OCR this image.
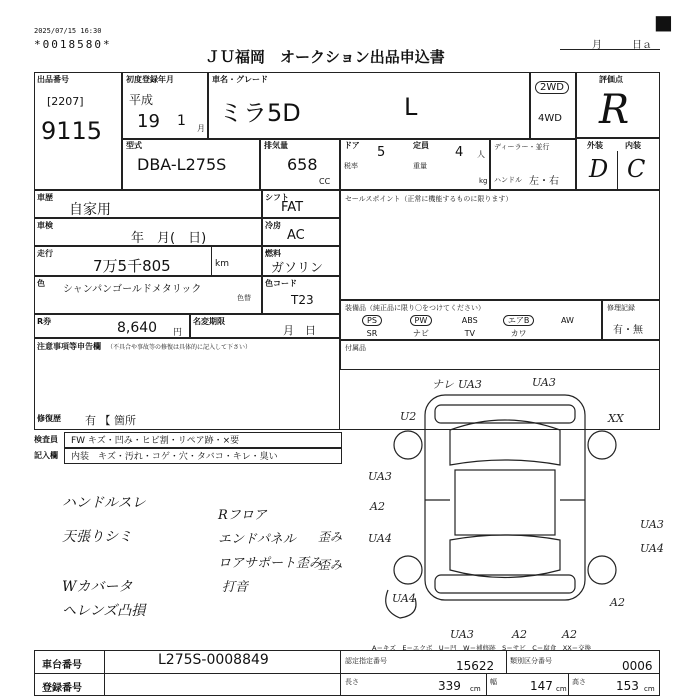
2025/07/15 16:30
*0018580*
ＪＵ福岡　オークション出品申込書
月	日ａ
■
出品番号
[2207]
9115
初度登録年月
平成
19 1 月
車名・グレード
ミラ5D	L
2WD
4WD
評価点
R
外装	内装
D C
型式
DBA-L275S
排気量
658
CC
ドア 5	定員 4 人
税率	重量
kg
ディーラー・並行
ハンドル 左・右
車歴
自家用
シフト
FAT
車検
年　月(　日)
冷房
AC
走行
7万5千805	km
燃料
ガソリン
色
シャンパンゴールドメタリック
色替
色コード
T23
R券	8,640 円
名変期限
月　日
注意事項等申告欄 （不具合や事故等の修復は具体的に記入して下さい）
修復歴 有 【 箇所
セールスポイント（正常に機能するものに限ります）
装備品（純正品に限り〇をつけてください）
PS	PW	ABS	エアB	AW
SR	ナビ	TV	カワ
修理記録
有・無
付属品
検査員	FW キズ・凹み・ヒビ割・リペア跡・×要
記入欄	内装　キズ・汚れ・コゲ・穴・タバコ・キレ・臭い
ハンドルスレ
天張りシミ
Wカバータ
ヘレンズ凸損
Rフロア
エンドパネル
ロアサポート歪み
打音
歪み
歪み
ナレ UA3	UA3
U2	XX
UA3
A2
UA4
UA3
UA4
UA4	A2
UA3	A2	A2
A＝キズ　E＝エクボ　U＝凹　W＝補修跡　S＝サビ　C＝腐食　XX＝交換
車台番号	L275S-0008849
登録番号
認定指定番号	15622 類別区分番号	0006
長さ	339 cm
幅	147 cm
高さ	153 cm
